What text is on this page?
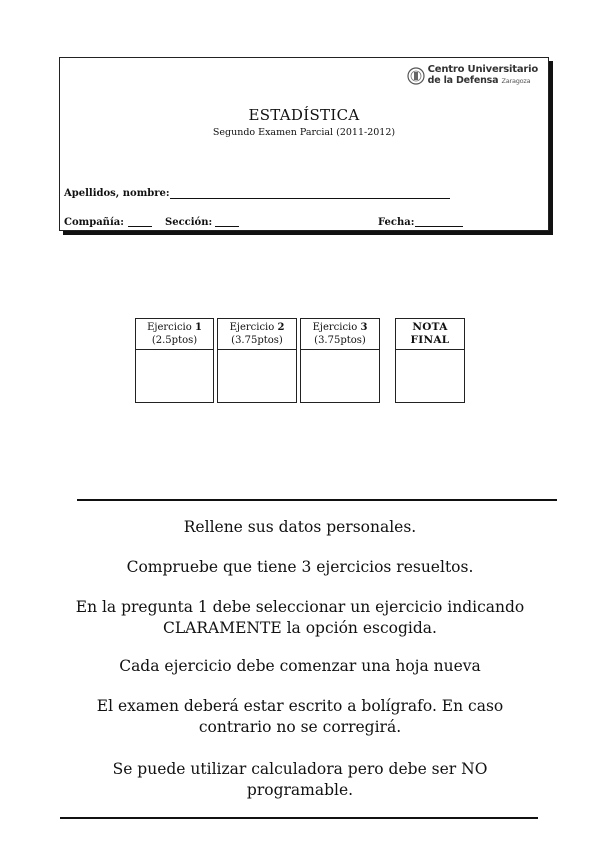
Centro Universitario
de la Defensa Zaragoza
ESTADÍSTICA
Segundo Examen Parcial (2011-2012)
Apellidos, nombre:
Compañía:	Sección:	Fecha:
Ejercicio 1
(2.5ptos)
Ejercicio 2
(3.75ptos)
Ejercicio 3
(3.75ptos)
NOTA
FINAL
Rellene sus datos personales.
Compruebe que tiene 3 ejercicios resueltos.
En la pregunta 1 debe seleccionar un ejercicio indicando CLARAMENTE la opción escogida.
Cada ejercicio debe comenzar una hoja nueva
El examen deberá estar escrito a bolígrafo. En caso contrario no se corregirá.
Se puede utilizar calculadora pero debe ser NO programable.
